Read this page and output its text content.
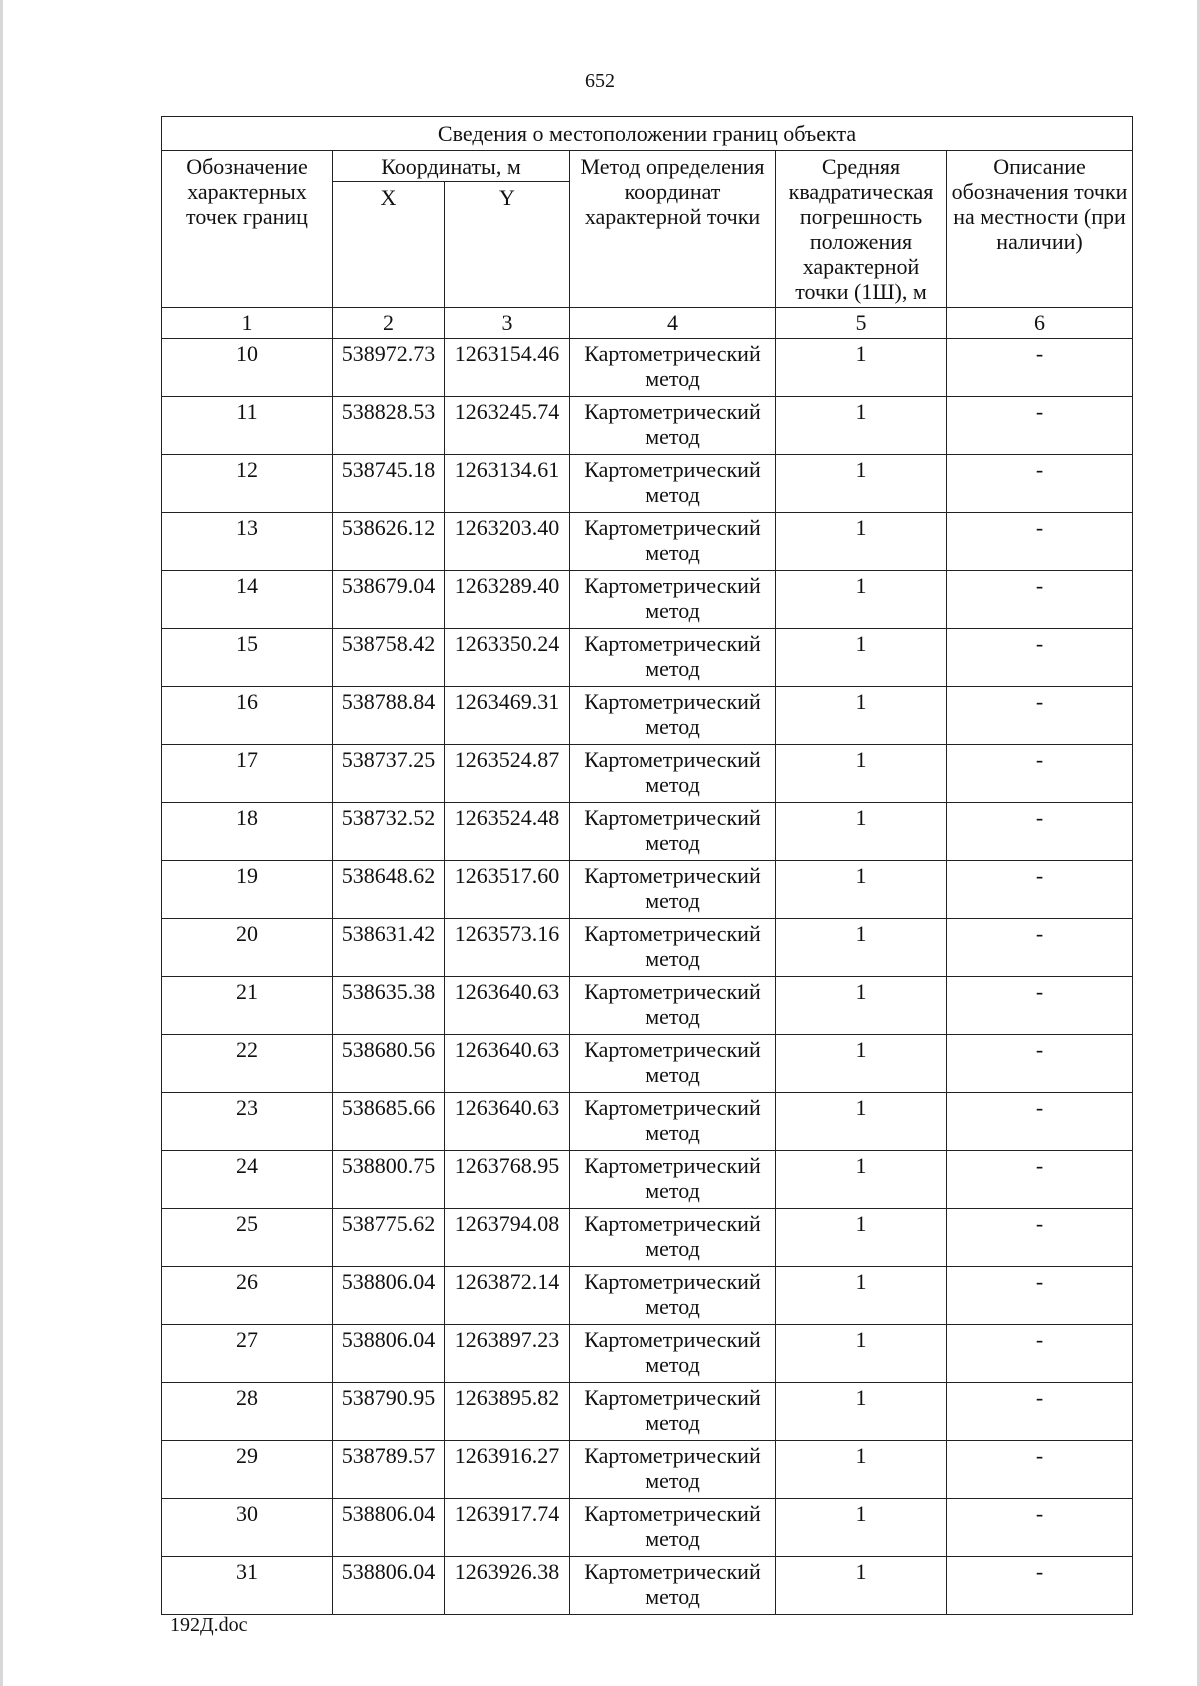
652
Сведения о местоположении границ объекта					
Обозначение характерных точек границ	Координаты, м		Метод определения координат характерной точки	Средняя квадратическая погрешность положения характерной точки (1Ш), м	Описание обозначения точки на местности (при наличии)
	X	Y			
1	2	3	4	5	6
10	538972.73	1263154.46	Картометрический метод	1	-
11	538828.53	1263245.74	Картометрический метод	1	-
12	538745.18	1263134.61	Картометрический метод	1	-
13	538626.12	1263203.40	Картометрический метод	1	-
14	538679.04	1263289.40	Картометрический метод	1	-
15	538758.42	1263350.24	Картометрический метод	1	-
16	538788.84	1263469.31	Картометрический метод	1	-
17	538737.25	1263524.87	Картометрический метод	1	-
18	538732.52	1263524.48	Картометрический метод	1	-
19	538648.62	1263517.60	Картометрический метод	1	-
20	538631.42	1263573.16	Картометрический метод	1	-
21	538635.38	1263640.63	Картометрический метод	1	-
22	538680.56	1263640.63	Картометрический метод	1	-
23	538685.66	1263640.63	Картометрический метод	1	-
24	538800.75	1263768.95	Картометрический метод	1	-
25	538775.62	1263794.08	Картометрический метод	1	-
26	538806.04	1263872.14	Картометрический метод	1	-
27	538806.04	1263897.23	Картометрический метод	1	-
28	538790.95	1263895.82	Картометрический метод	1	-
29	538789.57	1263916.27	Картометрический метод	1	-
30	538806.04	1263917.74	Картометрический метод	1	-
31	538806.04	1263926.38	Картометрический метод	1	-
192Д.doc
